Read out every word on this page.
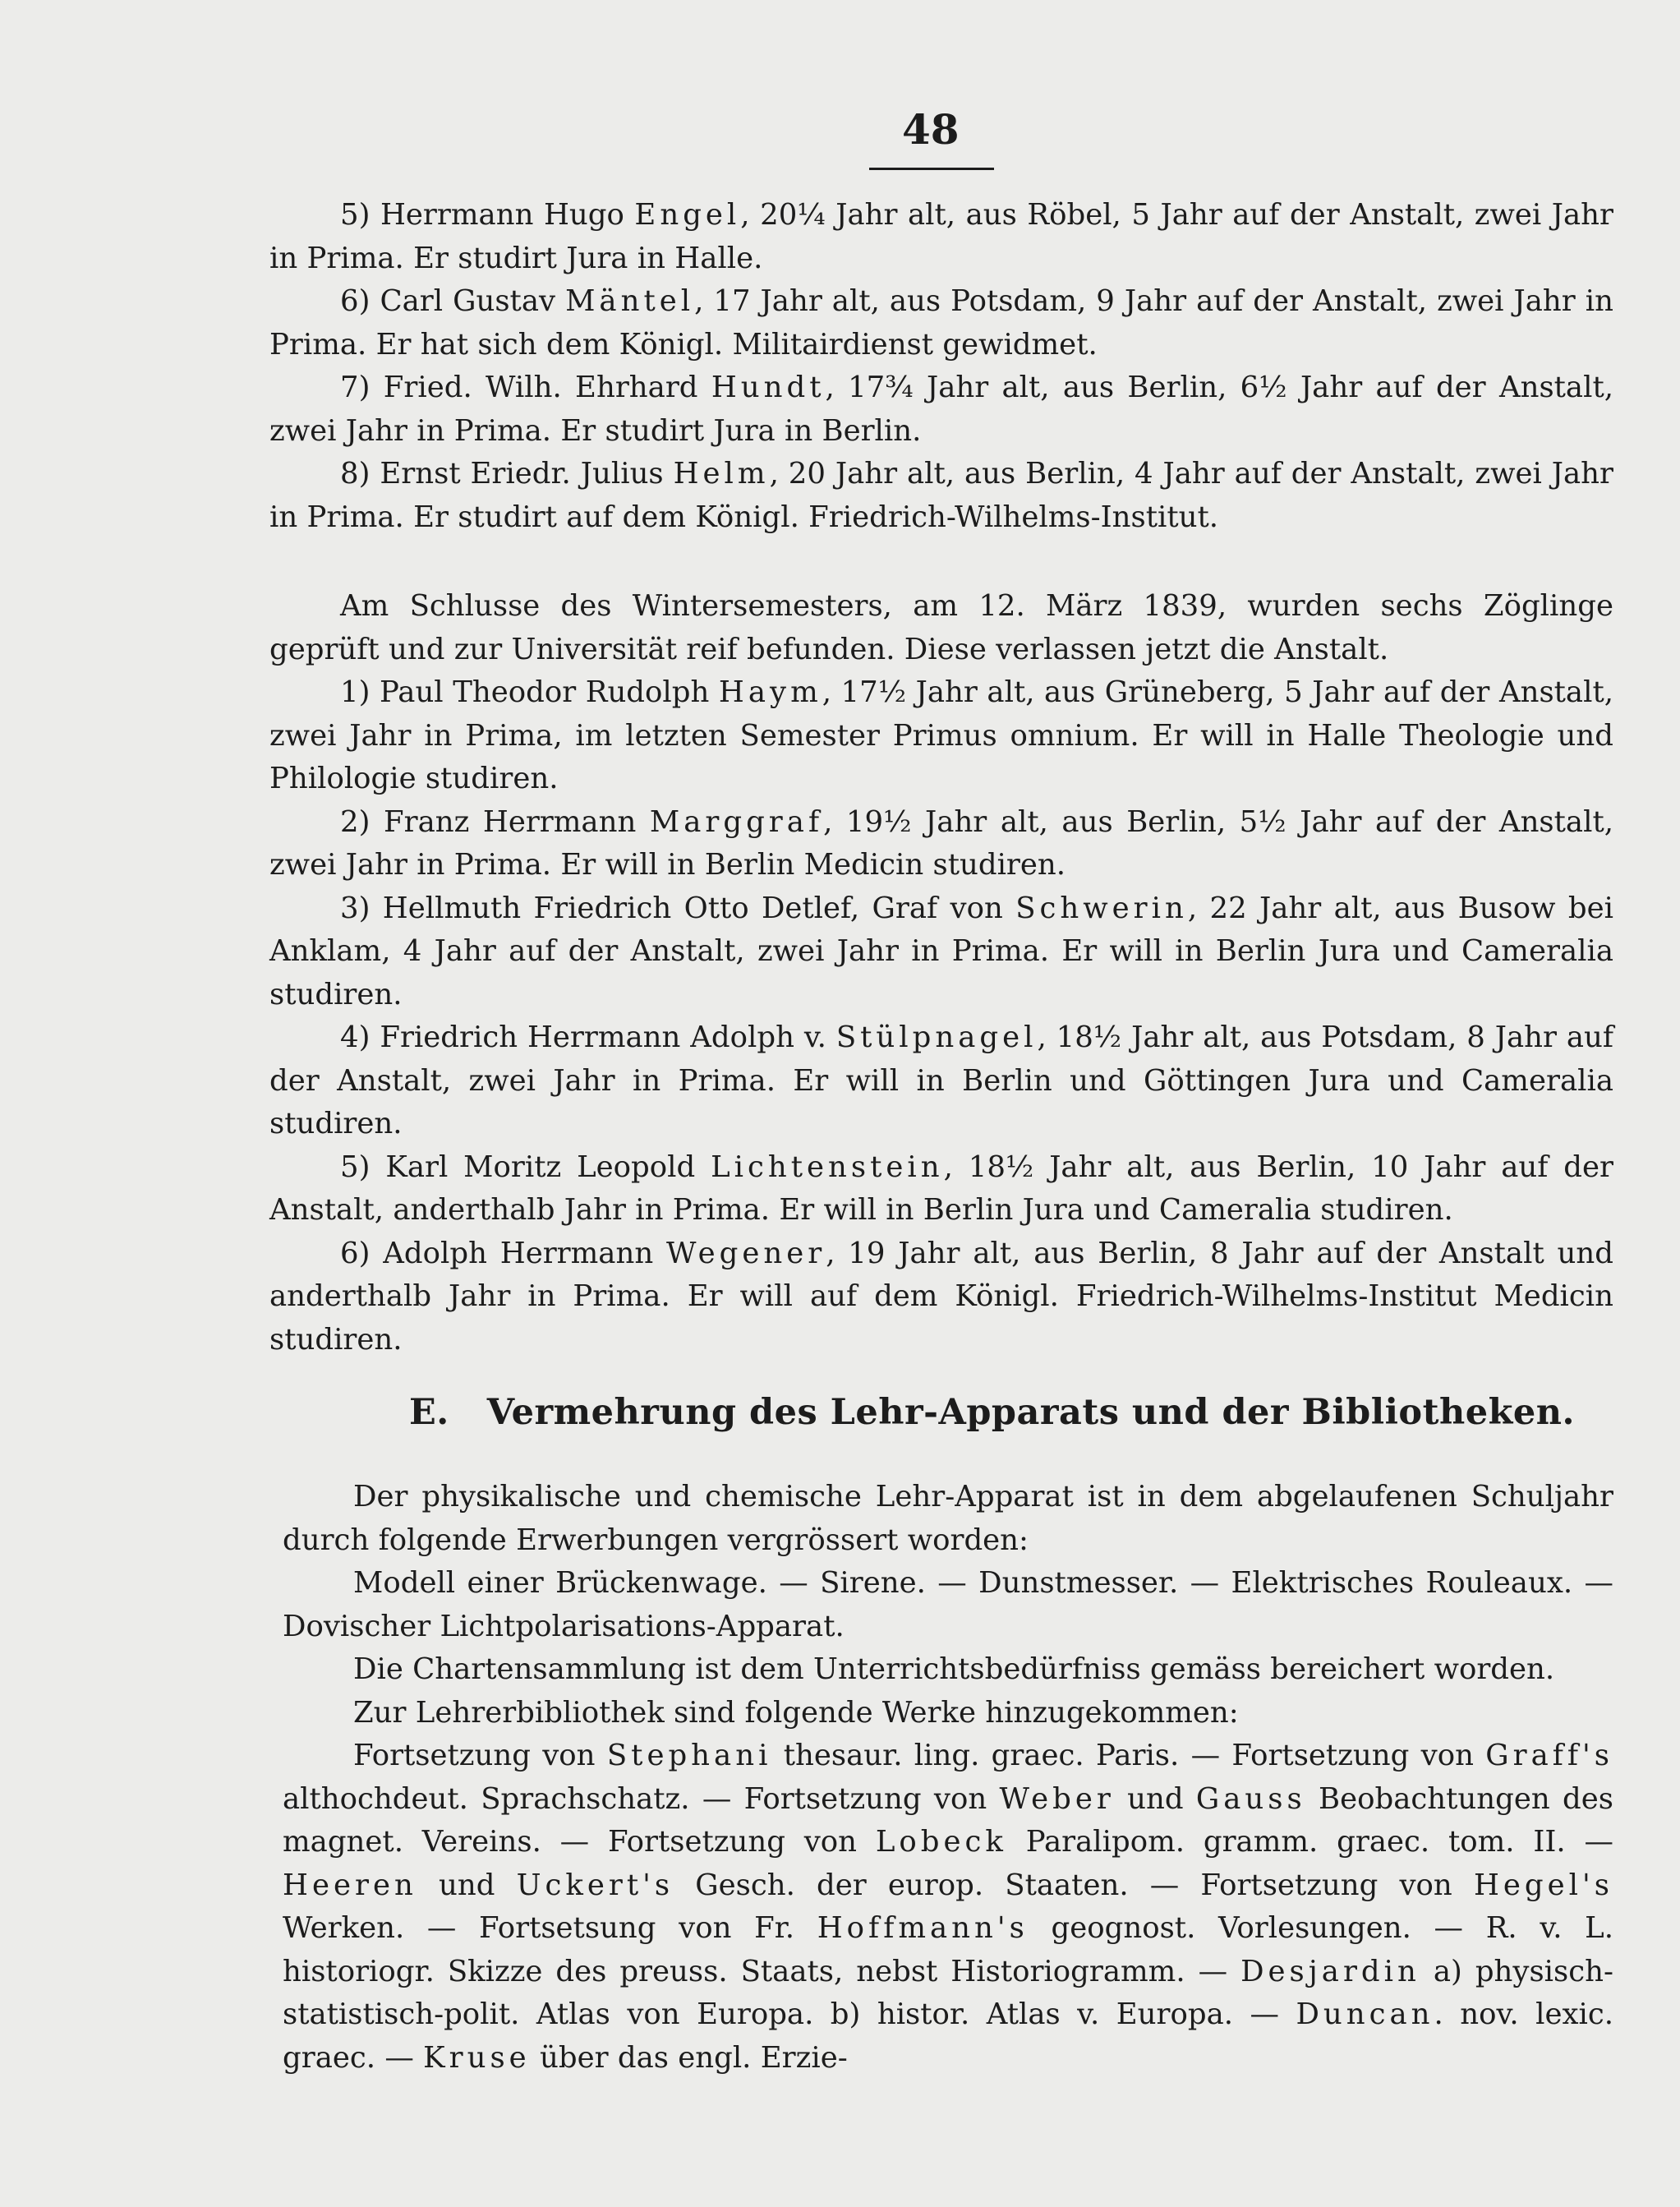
48

5) Herrmann Hugo Engel, 20¼ Jahr alt, aus Röbel, 5 Jahr auf der Anstalt, zwei Jahr in Prima. Er studirt Jura in Halle.

6) Carl Gustav Mäntel, 17 Jahr alt, aus Potsdam, 9 Jahr auf der Anstalt, zwei Jahr in Prima. Er hat sich dem Königl. Militairdienst gewidmet.

7) Fried. Wilh. Ehrhard Hundt, 17¾ Jahr alt, aus Berlin, 6½ Jahr auf der Anstalt, zwei Jahr in Prima. Er studirt Jura in Berlin.

8) Ernst Eriedr. Julius Helm, 20 Jahr alt, aus Berlin, 4 Jahr auf der Anstalt, zwei Jahr in Prima. Er studirt auf dem Königl. Friedrich-Wilhelms-Institut.

Am Schlusse des Wintersemesters, am 12. März 1839, wurden sechs Zöglinge geprüft und zur Universität reif befunden. Diese verlassen jetzt die Anstalt.

1) Paul Theodor Rudolph Haym, 17½ Jahr alt, aus Grüneberg, 5 Jahr auf der Anstalt, zwei Jahr in Prima, im letzten Semester Primus omnium. Er will in Halle Theologie und Philologie studiren.

2) Franz Herrmann Marggraf, 19½ Jahr alt, aus Berlin, 5½ Jahr auf der Anstalt, zwei Jahr in Prima. Er will in Berlin Medicin studiren.

3) Hellmuth Friedrich Otto Detlef, Graf von Schwerin, 22 Jahr alt, aus Busow bei Anklam, 4 Jahr auf der Anstalt, zwei Jahr in Prima. Er will in Berlin Jura und Cameralia studiren.

4) Friedrich Herrmann Adolph v. Stülpnagel, 18½ Jahr alt, aus Potsdam, 8 Jahr auf der Anstalt, zwei Jahr in Prima. Er will in Berlin und Göttingen Jura und Cameralia studiren.

5) Karl Moritz Leopold Lichtenstein, 18½ Jahr alt, aus Berlin, 10 Jahr auf der Anstalt, anderthalb Jahr in Prima. Er will in Berlin Jura und Cameralia studiren.

6) Adolph Herrmann Wegener, 19 Jahr alt, aus Berlin, 8 Jahr auf der Anstalt und anderthalb Jahr in Prima. Er will auf dem Königl. Friedrich-Wilhelms-Institut Medicin studiren.

E. Vermehrung des Lehr-Apparats und der Bibliotheken.

Der physikalische und chemische Lehr-Apparat ist in dem abgelaufenen Schuljahr durch folgende Erwerbungen vergrössert worden:

Modell einer Brückenwage. — Sirene. — Dunstmesser. — Elektrisches Rouleaux. — Dovischer Lichtpolarisations-Apparat.

Die Chartensammlung ist dem Unterrichtsbedürfniss gemäss bereichert worden.

Zur Lehrerbibliothek sind folgende Werke hinzugekommen:

Fortsetzung von Stephani thesaur. ling. graec. Paris. — Fortsetzung von Graff's althochdeut. Sprachschatz. — Fortsetzung von Weber und Gauss Beobachtungen des magnet. Vereins. — Fortsetzung von Lobeck Paralipom. gramm. graec. tom. II. — Heeren und Uckert's Gesch. der europ. Staaten. — Fortsetzung von Hegel's Werken. — Fortsetsung von Fr. Hoffmann's geognost. Vorlesungen. — R. v. L. historiogr. Skizze des preuss. Staats, nebst Historiogramm. — Desjardin a) physisch-statistisch-polit. Atlas von Europa. b) histor. Atlas v. Europa. — Duncan. nov. lexic. graec. — Kruse über das engl. Erzie-
